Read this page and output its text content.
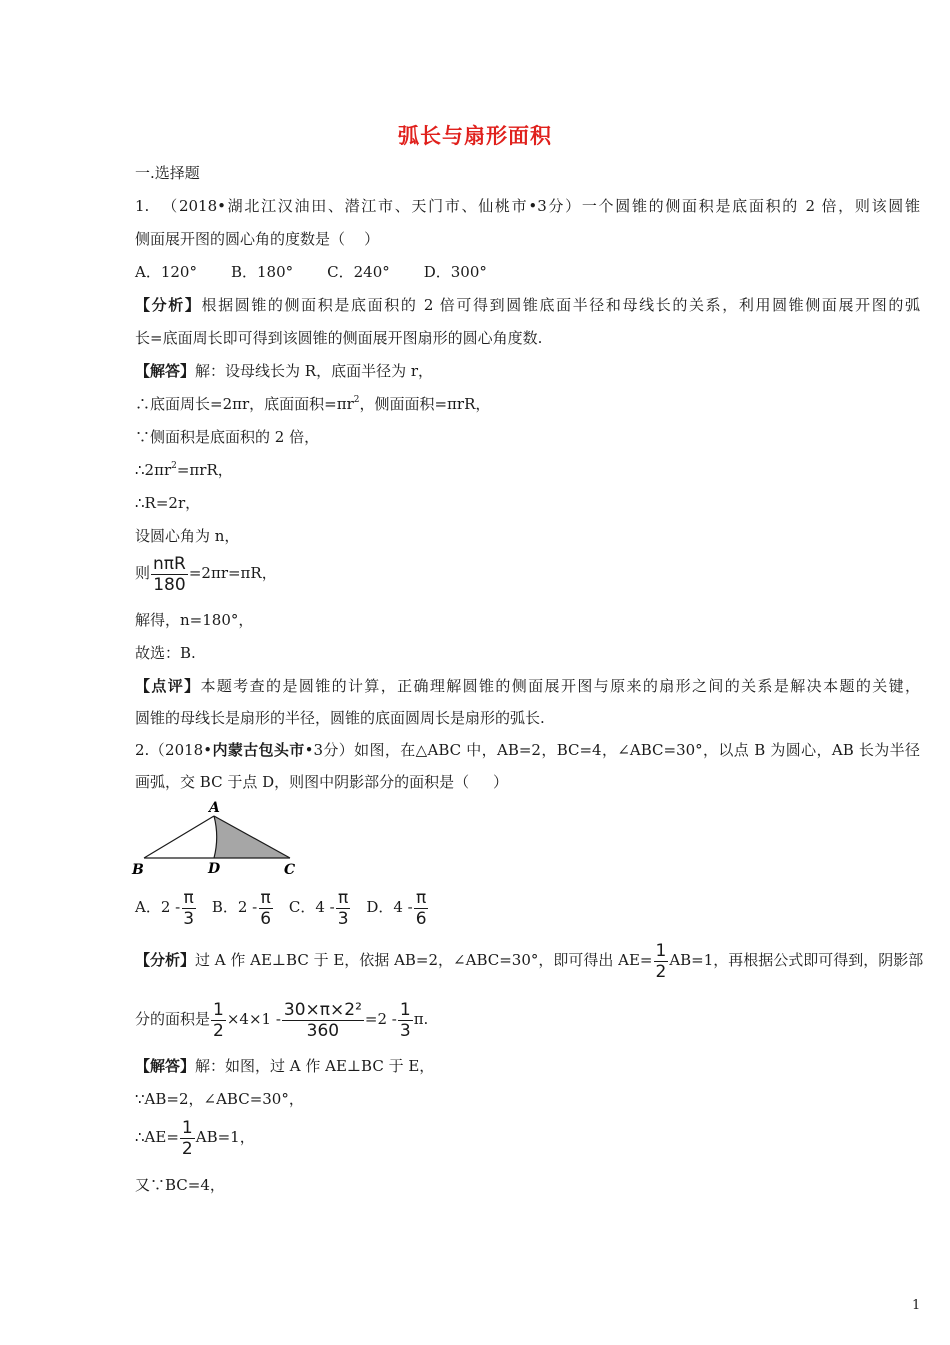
弧长与扇形面积
一.选择题
1.  （2018•湖北江汉油田、潜江市、天门市、仙桃市•3分）一个圆锥的侧面积是底面积的 2 倍，则该圆锥
侧面展开图的圆心角的度数是（    ）
A．120° B．180° C．240° D．300°
【分析】根据圆锥的侧面积是底面积的 2 倍可得到圆锥底面半径和母线长的关系，利用圆锥侧面展开图的弧
长=底面周长即可得到该圆锥的侧面展开图扇形的圆心角度数.
【解答】解：设母线长为 R，底面半径为 r，
∴底面周长=2πr，底面面积$=\pi r^2$，侧面面积=πrR，
∵侧面积是底面积的 2 倍，
$\therefore 2\pi r^2=\pi rR$，
∴R=2r，
设圆心角为 n，
则 $\frac{\text{nπR}}{180} =2\pi r=\pi R$，
解得，n=180°，
故选：B.
【点评】本题考查的是圆锥的计算，正确理解圆锥的侧面展开图与原来的扇形之间的关系是解决本题的关键，
圆锥的母线长是扇形的半径，圆锥的底面圆周长是扇形的弧长.
2.（2018•内蒙古包头市•3分）如图，在△ABC 中，AB=2，BC=4，∠ABC=30°，以点 B 为圆心，AB 长为半径
画弧，交 BC 于点 D，则图中阴影部分的面积是（     ）
A
B	D	C
A．$2 - \frac{\pi}{3}$ B．$2 - \frac{\pi}{6}$ C．$4 - \frac{\pi}{3}$ D．$4 - \frac{\pi}{6}$
【分析】过 A 作 AE⊥BC 于 E，依据 AB=2，∠ABC=30°，即可得出 $AE= \frac{1}{2} AB=1$，再根据公式即可得到，阴影部
分的面积是 $\frac{1}{2} \times 4\times 1 - \frac{\text{30×π×2²}}{360} =2 - \frac{1}{3} \pi$.
【解答】解：如图，过 A 作 AE⊥BC 于 E，
∵AB=2，∠ABC=30°，
∴AE= $\frac{1}{2} AB=1$，
又∵BC=4，
1
